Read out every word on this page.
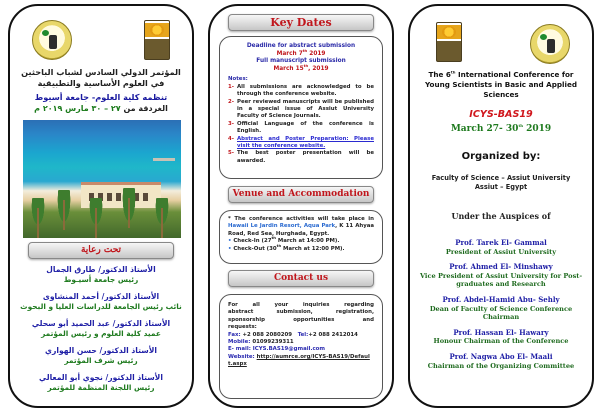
المؤتمر الدولي السادس لشباب الباحثين في العلوم الأساسية والتطبيقية
تنظمه كلية العلوم- جامعة أسيوط
الغردقة من ٢٧ – ٣٠ مارس ٢٠١٩ م
تحت رعاية
الأستاذ الدكتور/ طارق الجمال
رئيس جامعة أسيـوط
الأستاذ الدكتور/ أحمد المنشاوى
نائب رئيس الجامعة للدراسات العليا و البحوث
الأستاذ الدكتور/ عبد الحميد أبو سحلي
عميد كلية العلوم و رئيس المؤتمر
الأستاذ الدكتور/ حسن الهواري
رئيس شرف المؤتمر
الأستاذ الدكتور/ نجوي أبو المعالي
رئيس اللجنة المنظمة للمؤتمر
Key Dates
Deadline for abstract submission
March 7th 2019
Full manuscript submission
March 15th, 2019
Notes:
1- All submissions are acknowledged to be through the conference website.
2- Peer reviewed manuscripts will be published in a special issue of Assiut University Faculty of Science Journals.
3- Official Language of the conference is English.
4- Abstract and Poster Preparation: Please visit the conference website.
5- The best poster presentation will be awarded.
Venue and Accommodation
* The conference activities will take place in Hawaii Le Jardin Resort, Aqua Park, K 11 Ahyaa Road, Red Sea, Hurghada, Egypt.
• Check-In (27th March at 14:00 PM).
• Check-Out (30th March at 12:00 PM).
Contact us
For all your inquiries regarding
abstract submission, registration,
sponsorship opportunities and
requests:
Fax: +2 088 2080209 Tel:+2 088 2412014
Mobile: 01099239311
E- mail: ICYS.BAS19@gmail.com
Website: http://aumrce.org/ICYS-BAS19/Default.aspx
The 6th International Conference for Young Scientists in Basic and Applied Sciences
ICYS-BAS19
March 27- 30th 2019
Organized by:
Faculty of Science – Assiut University
Assiut – Egypt
Under the Auspices of
Prof. Tarek El- Gammal
President of Assiut University
Prof. Ahmed El- Minshawy
Vice President of Assiut University for Post-graduates and Research
Prof. Abdel-Hamid Abu- Sehly
Dean of Faculty of Science Conference Chairman
Prof. Hassan El- Hawary
Honour Chairman of the Conference
Prof. Nagwa Abo El- Maali
Chairman of the Organizing Committee
